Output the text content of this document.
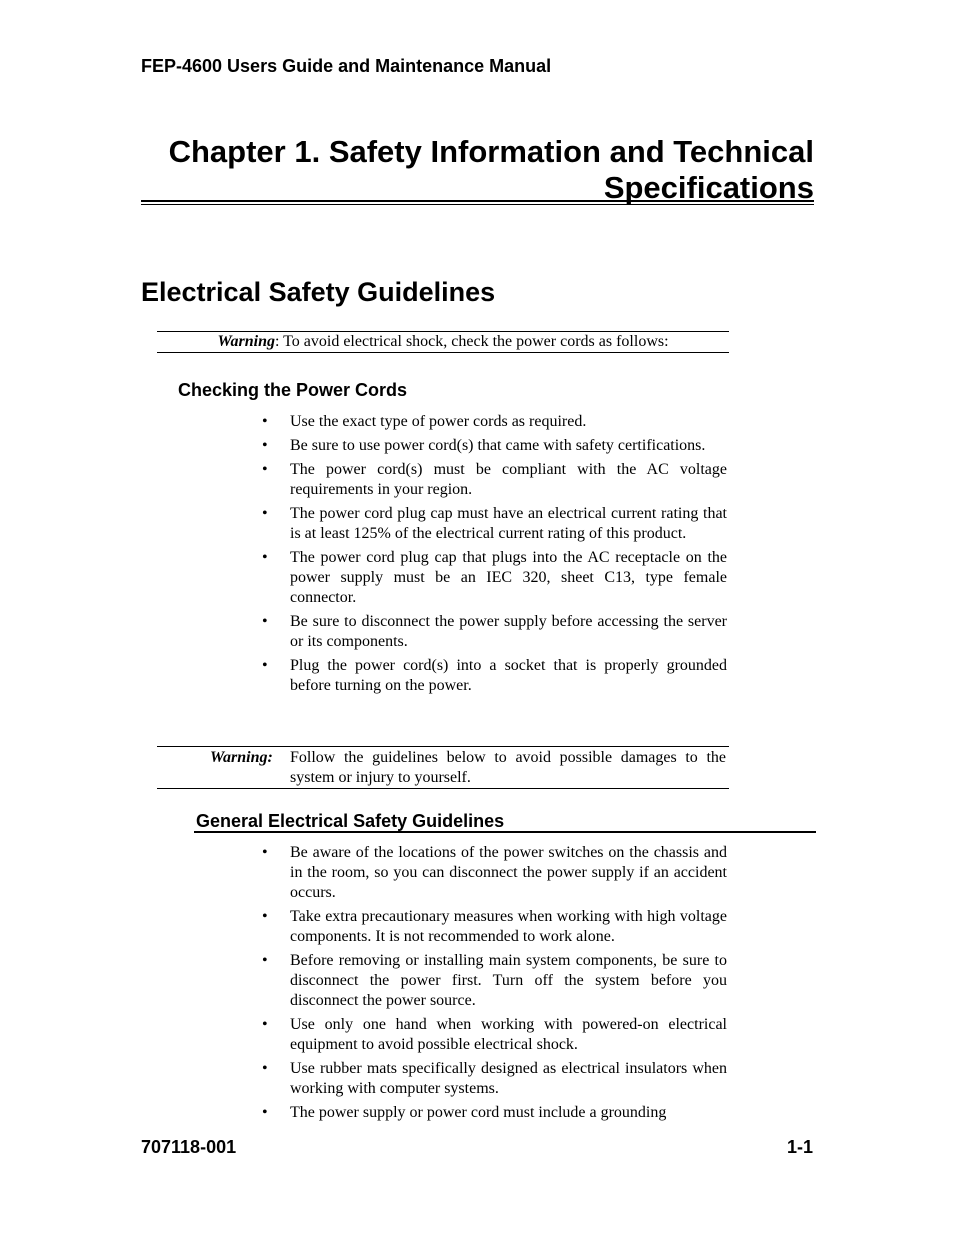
FEP-4600 Users Guide and Maintenance Manual
Chapter 1. Safety Information and Technical
Specifications
Electrical Safety Guidelines
Warning: To avoid electrical shock, check the power cords as follows:
Checking the Power Cords
• Use the exact type of power cords as required.
• Be sure to use power cord(s) that came with safety certifications.
• The power cord(s) must be compliant with the AC voltage requirements in your region.
• The power cord plug cap must have an electrical current rating that is at least 125% of the electrical current rating of this product.
• The power cord plug cap that plugs into the AC receptacle on the power supply must be an IEC 320, sheet C13, type female connector.
• Be sure to disconnect the power supply before accessing the server or its components.
• Plug the power cord(s) into a socket that is properly grounded before turning on the power.
Warning: Follow the guidelines below to avoid possible damages to the system or injury to yourself.
General Electrical Safety Guidelines
• Be aware of the locations of the power switches on the chassis and in the room, so you can disconnect the power supply if an accident occurs.
• Take extra precautionary measures when working with high voltage components. It is not recommended to work alone.
• Before removing or installing main system components, be sure to disconnect the power first. Turn off the system before you disconnect the power source.
• Use only one hand when working with powered-on electrical equipment to avoid possible electrical shock.
• Use rubber mats specifically designed as electrical insulators when working with computer systems.
• The power supply or power cord must include a grounding
707118-001	1-1
